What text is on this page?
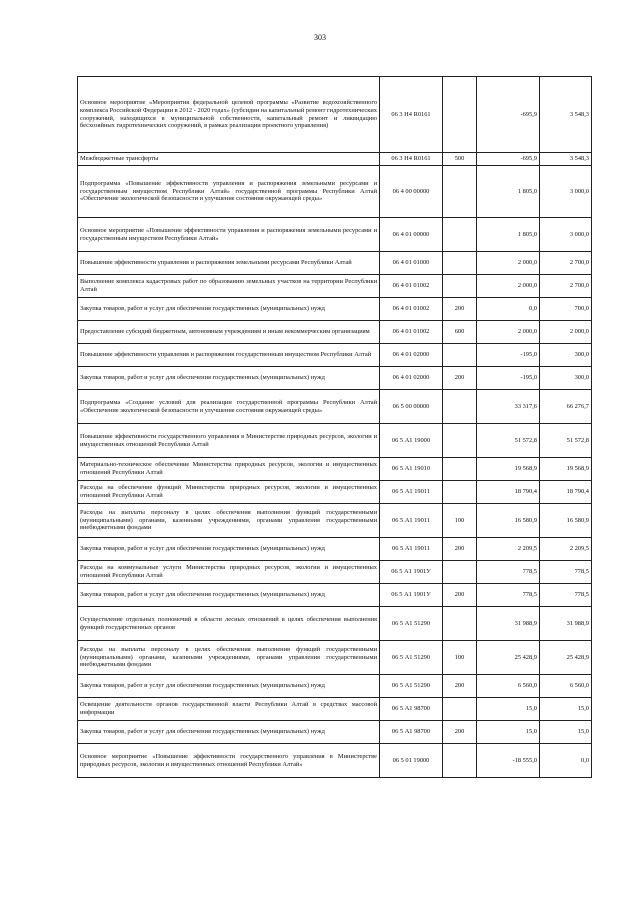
303
Основное мероприятие «Мероприятия федеральной целевой программы «Развитие водохозяйственного комплекса Российской Федерации в 2012 - 2020 годах» (субсидии на капитальный ремонт гидротехнических сооружений, находящихся в муниципальной собственности, капитальный ремонт и ликвидацию бесхозяйных гидротехнических сооружений, в рамках реализации проектного управления)	06 3 Н4 R0161		-695,9	3 548,3
Межбюджетные трансферты	06 3 Н4 R0161	500	-695,9	3 548,3
Подпрограмма «Повышение эффективности управления и распоряжения земельными ресурсами и государственным имуществом Республики Алтай» государственной программы Республики Алтай «Обеспечение экологической безопасности и улучшение состояния окружающей среды»	06 4 00 00000		1 805,0	3 000,0
Основное мероприятие «Повышение эффективности управления и распоряжения земельными ресурсами и государственным имуществом Республики Алтай»	06 4 01 00000		1 805,0	3 000,0
Повышение эффективности управления и распоряжения земельными ресурсами Республики Алтай	06 4 01 01000		2 000,0	2 700,0
Выполнение комплекса кадастровых работ по образованию земельных участков на территории Республики Алтай	06 4 01 01002		2 000,0	2 700,0
Закупка товаров, работ и услуг для обеспечения государственных (муниципальных) нужд	06 4 01 01002	200	0,0	700,0
Предоставление субсидий бюджетным, автономным учреждениям и иным некоммерческим организациям	06 4 01 01002	600	2 000,0	2 000,0
Повышение эффективности управления и распоряжения государственным имуществом Республики Алтай	06 4 01 02000		-195,0	300,0
Закупка товаров, работ и услуг для обеспечения государственных (муниципальных) нужд	06 4 01 02000	200	-195,0	300,0
Подпрограмма «Создание условий для реализации государственной программы Республики Алтай «Обеспечение экологической безопасности и улучшение состояния окружающей среды»	06 5 00 00000		33 317,6	66 276,7
Повышение эффективности государственного управления в Министерстве природных ресурсов, экологии и имущественных отношений Республики Алтай	06 5 А1 19000		51 572,8	51 572,8
Материально-техническое обеспечение Министерства природных ресурсов, экологии и имущественных отношений Республики Алтай	06 5 А1 19010		19 568,9	19 568,9
Расходы на обеспечение функций Министерства природных ресурсов, экологии и имущественных отношений Республики Алтай	06 5 А1 19011		18 790,4	18 790,4
Расходы на выплаты персоналу в целях обеспечения выполнения функций государственными (муниципальными) органами, казенными учреждениями, органами управления государственными внебюджетными фондами	06 5 А1 19011	100	16 580,9	16 580,9
Закупка товаров, работ и услуг для обеспечения государственных (муниципальных) нужд	06 5 А1 19011	200	2 209,5	2 209,5
Расходы на коммунальные услуги Министерства природных ресурсов, экологии и имущественных отношений Республики Алтай	06 5 А1 1901У		778,5	778,5
Закупка товаров, работ и услуг для обеспечения государственных (муниципальных) нужд	06 5 А1 1901У	200	778,5	778,5
Осуществление отдельных полномочий в области лесных отношений в целях обеспечения выполнения функций государственных органов	06 5 А1 51290		31 988,9	31 988,9
Расходы на выплаты персоналу в целях обеспечения выполнения функций государственными (муниципальными) органами, казенными учреждениями, органами управления государственными внебюджетными фондами	06 5 А1 51290	100	25 428,9	25 428,9
Закупка товаров, работ и услуг для обеспечения государственных (муниципальных) нужд	06 5 А1 51290	200	6 560,0	6 560,0
Освещение деятельности органов государственной власти Республики Алтай в средствах массовой информации	06 5 А1 98700		15,0	15,0
Закупка товаров, работ и услуг для обеспечения государственных (муниципальных) нужд	06 5 А1 98700	200	15,0	15,0
Основное мероприятие «Повышение эффективности государственного управления в Министерстве природных ресурсов, экологии и имущественных отношений Республики Алтай»	06 5 01 19000		-18 555,0	0,0
